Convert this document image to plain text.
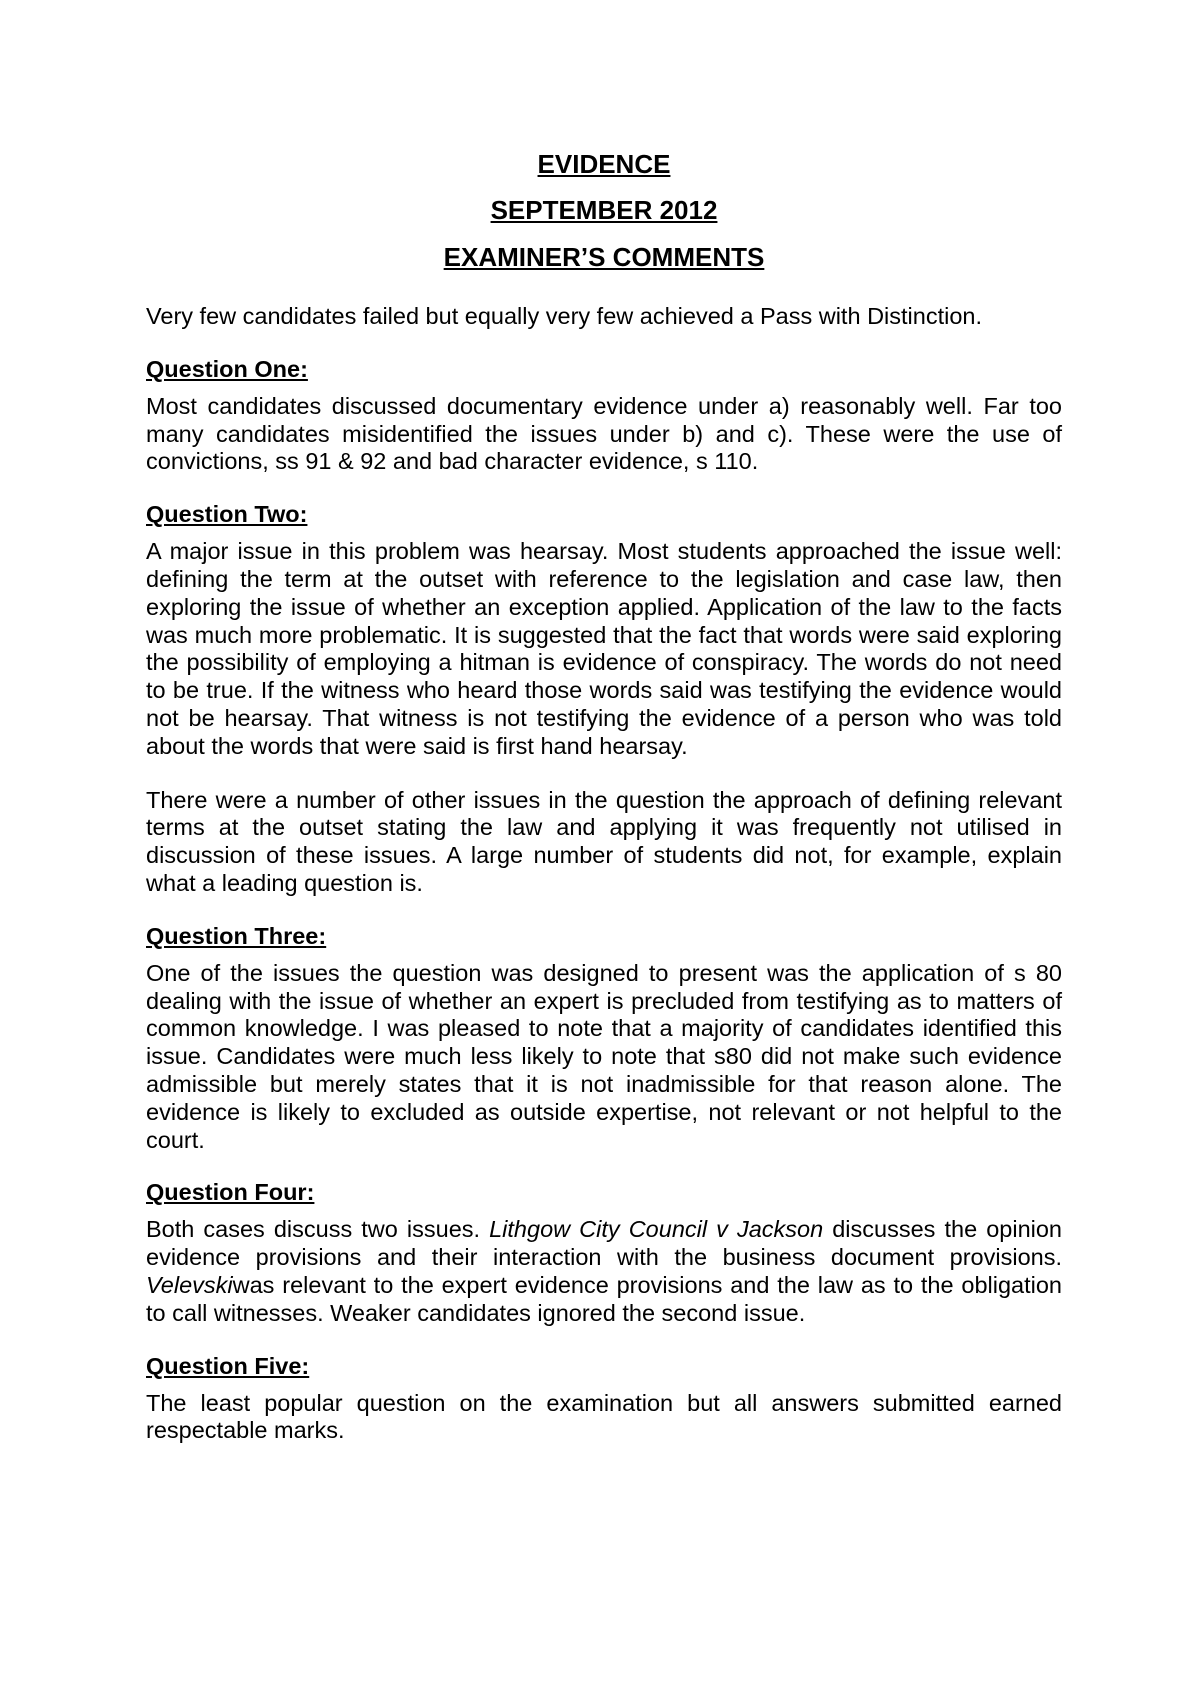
EVIDENCE
SEPTEMBER 2012
EXAMINER’S COMMENTS

Very few candidates failed but equally very few achieved a Pass with Distinction.

Question One:

Most candidates discussed documentary evidence under a) reasonably well. Far too many candidates misidentified the issues under b) and c). These were the use of convictions, ss 91 & 92 and bad character evidence, s 110.

Question Two:

A major issue in this problem was hearsay. Most students approached the issue well: defining the term at the outset with reference to the legislation and case law, then exploring the issue of whether an exception applied. Application of the law to the facts was much more problematic. It is suggested that the fact that words were said exploring the possibility of employing a hitman is evidence of conspiracy. The words do not need to be true. If the witness who heard those words said was testifying the evidence would not be hearsay. That witness is not testifying the evidence of a person who was told about the words that were said is first hand hearsay.

There were a number of other issues in the question the approach of defining relevant terms at the outset stating the law and applying it was frequently not utilised in discussion of these issues. A large number of students did not, for example, explain what a leading question is.

Question Three:

One of the issues the question was designed to present was the application of s 80 dealing with the issue of whether an expert is precluded from testifying as to matters of common knowledge. I was pleased to note that a majority of candidates identified this issue. Candidates were much less likely to note that s80 did not make such evidence admissible but merely states that it is not inadmissible for that reason alone. The evidence is likely to excluded as outside expertise, not relevant or not helpful to the court.

Question Four:

Both cases discuss two issues. Lithgow City Council v Jackson discusses the opinion evidence provisions and their interaction with the business document provisions. Velevskiwas relevant to the expert evidence provisions and the law as to the obligation to call witnesses. Weaker candidates ignored the second issue.

Question Five:

The least popular question on the examination but all answers submitted earned respectable marks.
